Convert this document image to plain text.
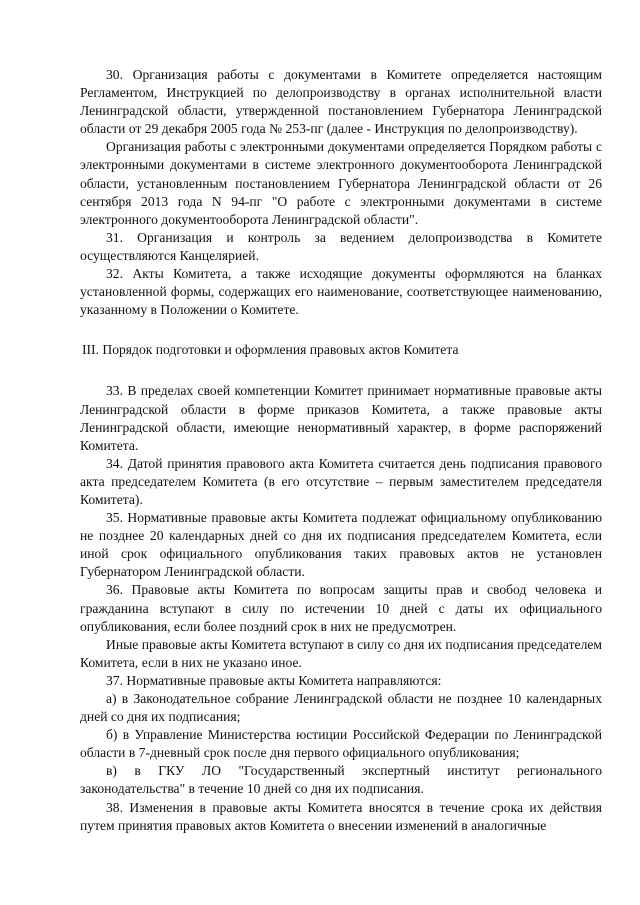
30. Организация работы с документами в Комитете определяется настоящим Регламентом, Инструкцией по делопроизводству в органах исполнительной власти Ленинградской области, утвержденной постановлением Губернатора Ленинградской области от 29 декабря 2005 года № 253-пг (далее - Инструкция по делопроизводству).

Организация работы с электронными документами определяется Порядком работы с электронными документами в системе электронного документооборота Ленинградской области, установленным постановлением Губернатора Ленинградской области от 26 сентября 2013 года N 94-пг "О работе с электронными документами в системе электронного документооборота Ленинградской области".

31. Организация и контроль за ведением делопроизводства в Комитете осуществляются Канцелярией.

32. Акты Комитета, а также исходящие документы оформляются на бланках установленной формы, содержащих его наименование, соответствующее наименованию, указанному в Положении о Комитете.

III. Порядок подготовки и оформления правовых актов Комитета

33. В пределах своей компетенции Комитет принимает нормативные правовые акты Ленинградской области в форме приказов Комитета, а также правовые акты Ленинградской области, имеющие ненормативный характер, в форме распоряжений Комитета.

34. Датой принятия правового акта Комитета считается день подписания правового акта председателем Комитета (в его отсутствие – первым заместителем председателя Комитета).

35. Нормативные правовые акты Комитета подлежат официальному опубликованию не позднее 20 календарных дней со дня их подписания председателем Комитета, если иной срок официального опубликования таких правовых актов не установлен Губернатором Ленинградской области.

36. Правовые акты Комитета по вопросам защиты прав и свобод человека и гражданина вступают в силу по истечении 10 дней с даты их официального опубликования, если более поздний срок в них не предусмотрен.

Иные правовые акты Комитета вступают в силу со дня их подписания председателем Комитета, если в них не указано иное.

37. Нормативные правовые акты Комитета направляются:

а) в Законодательное собрание Ленинградской области не позднее 10 календарных дней со дня их подписания;

б) в Управление Министерства юстиции Российской Федерации по Ленинградской области в 7-дневный срок после дня первого официального опубликования;

в) в ГКУ ЛО "Государственный экспертный институт регионального законодательства" в течение 10 дней со дня их подписания.

38. Изменения в правовые акты Комитета вносятся в течение срока их действия путем принятия правовых актов Комитета о внесении изменений в аналогичные
